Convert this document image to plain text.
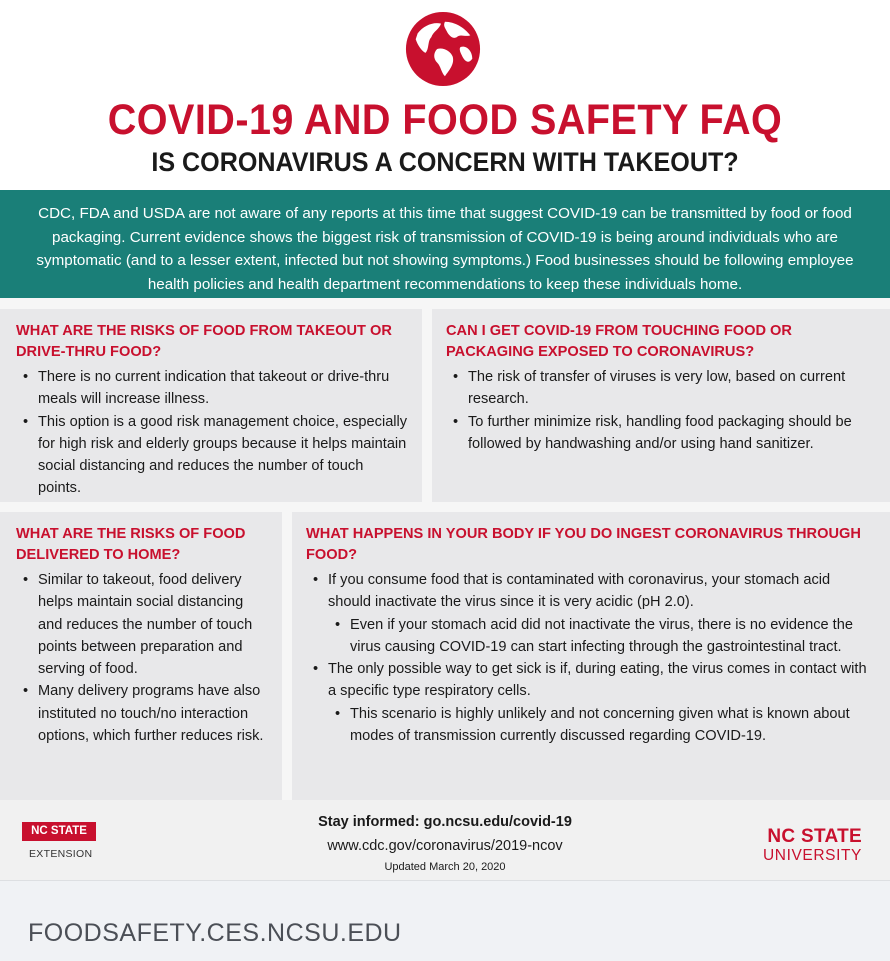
COVID-19 AND FOOD SAFETY FAQ
IS CORONAVIRUS A CONCERN WITH TAKEOUT?
CDC, FDA and USDA are not aware of any reports at this time that suggest COVID-19 can be transmitted by food or food packaging. Current evidence shows the biggest risk of transmission of COVID-19 is being around individuals who are symptomatic (and to a lesser extent, infected but not showing symptoms.) Food businesses should be following employee health policies and health department recommendations to keep these individuals home.
WHAT ARE THE RISKS OF FOOD FROM TAKEOUT OR DRIVE-THRU FOOD?
• There is no current indication that takeout or drive-thru meals will increase illness.
• This option is a good risk management choice, especially for high risk and elderly groups because it helps maintain social distancing and reduces the number of touch points.
CAN I GET COVID-19 FROM TOUCHING FOOD OR PACKAGING EXPOSED TO CORONAVIRUS?
• The risk of transfer of viruses is very low, based on current research.
• To further minimize risk, handling food packaging should be followed by handwashing and/or using hand sanitizer.
WHAT ARE THE RISKS OF FOOD DELIVERED TO HOME?
• Similar to takeout, food delivery helps maintain social distancing and reduces the number of touch points between preparation and serving of food.
• Many delivery programs have also instituted no touch/no interaction options, which further reduces risk.
WHAT HAPPENS IN YOUR BODY IF YOU DO INGEST CORONAVIRUS THROUGH FOOD?
• If you consume food that is contaminated with coronavirus, your stomach acid should inactivate the virus since it is very acidic (pH 2.0).
• Even if your stomach acid did not inactivate the virus, there is no evidence the virus causing COVID-19 can start infecting through the gastrointestinal tract.
• The only possible way to get sick is if, during eating, the virus comes in contact with a specific type respiratory cells.
• This scenario is highly unlikely and not concerning given what is known about modes of transmission currently discussed regarding COVID-19.
NC STATE
EXTENSION
Stay informed: go.ncsu.edu/covid-19
www.cdc.gov/coronavirus/2019-ncov
Updated March 20, 2020
NC STATE
UNIVERSITY
FOODSAFETY.CES.NCSU.EDU
